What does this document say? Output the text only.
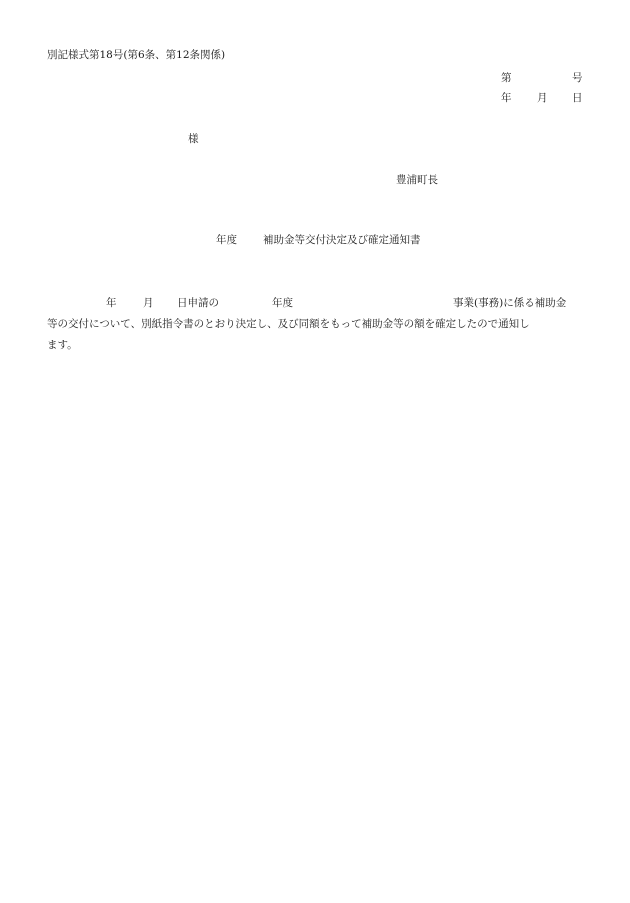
別記様式第18号(第6条、第12条関係)
第	号
年 月 日
様
豊浦町長
年度 補助金等交付決定及び確定通知書
年	月 日申請の	年度	事業(事務)に係る補助金
等の交付について、別紙指令書のとおり決定し、及び同額をもって補助金等の額を確定したので通知し
ます。
